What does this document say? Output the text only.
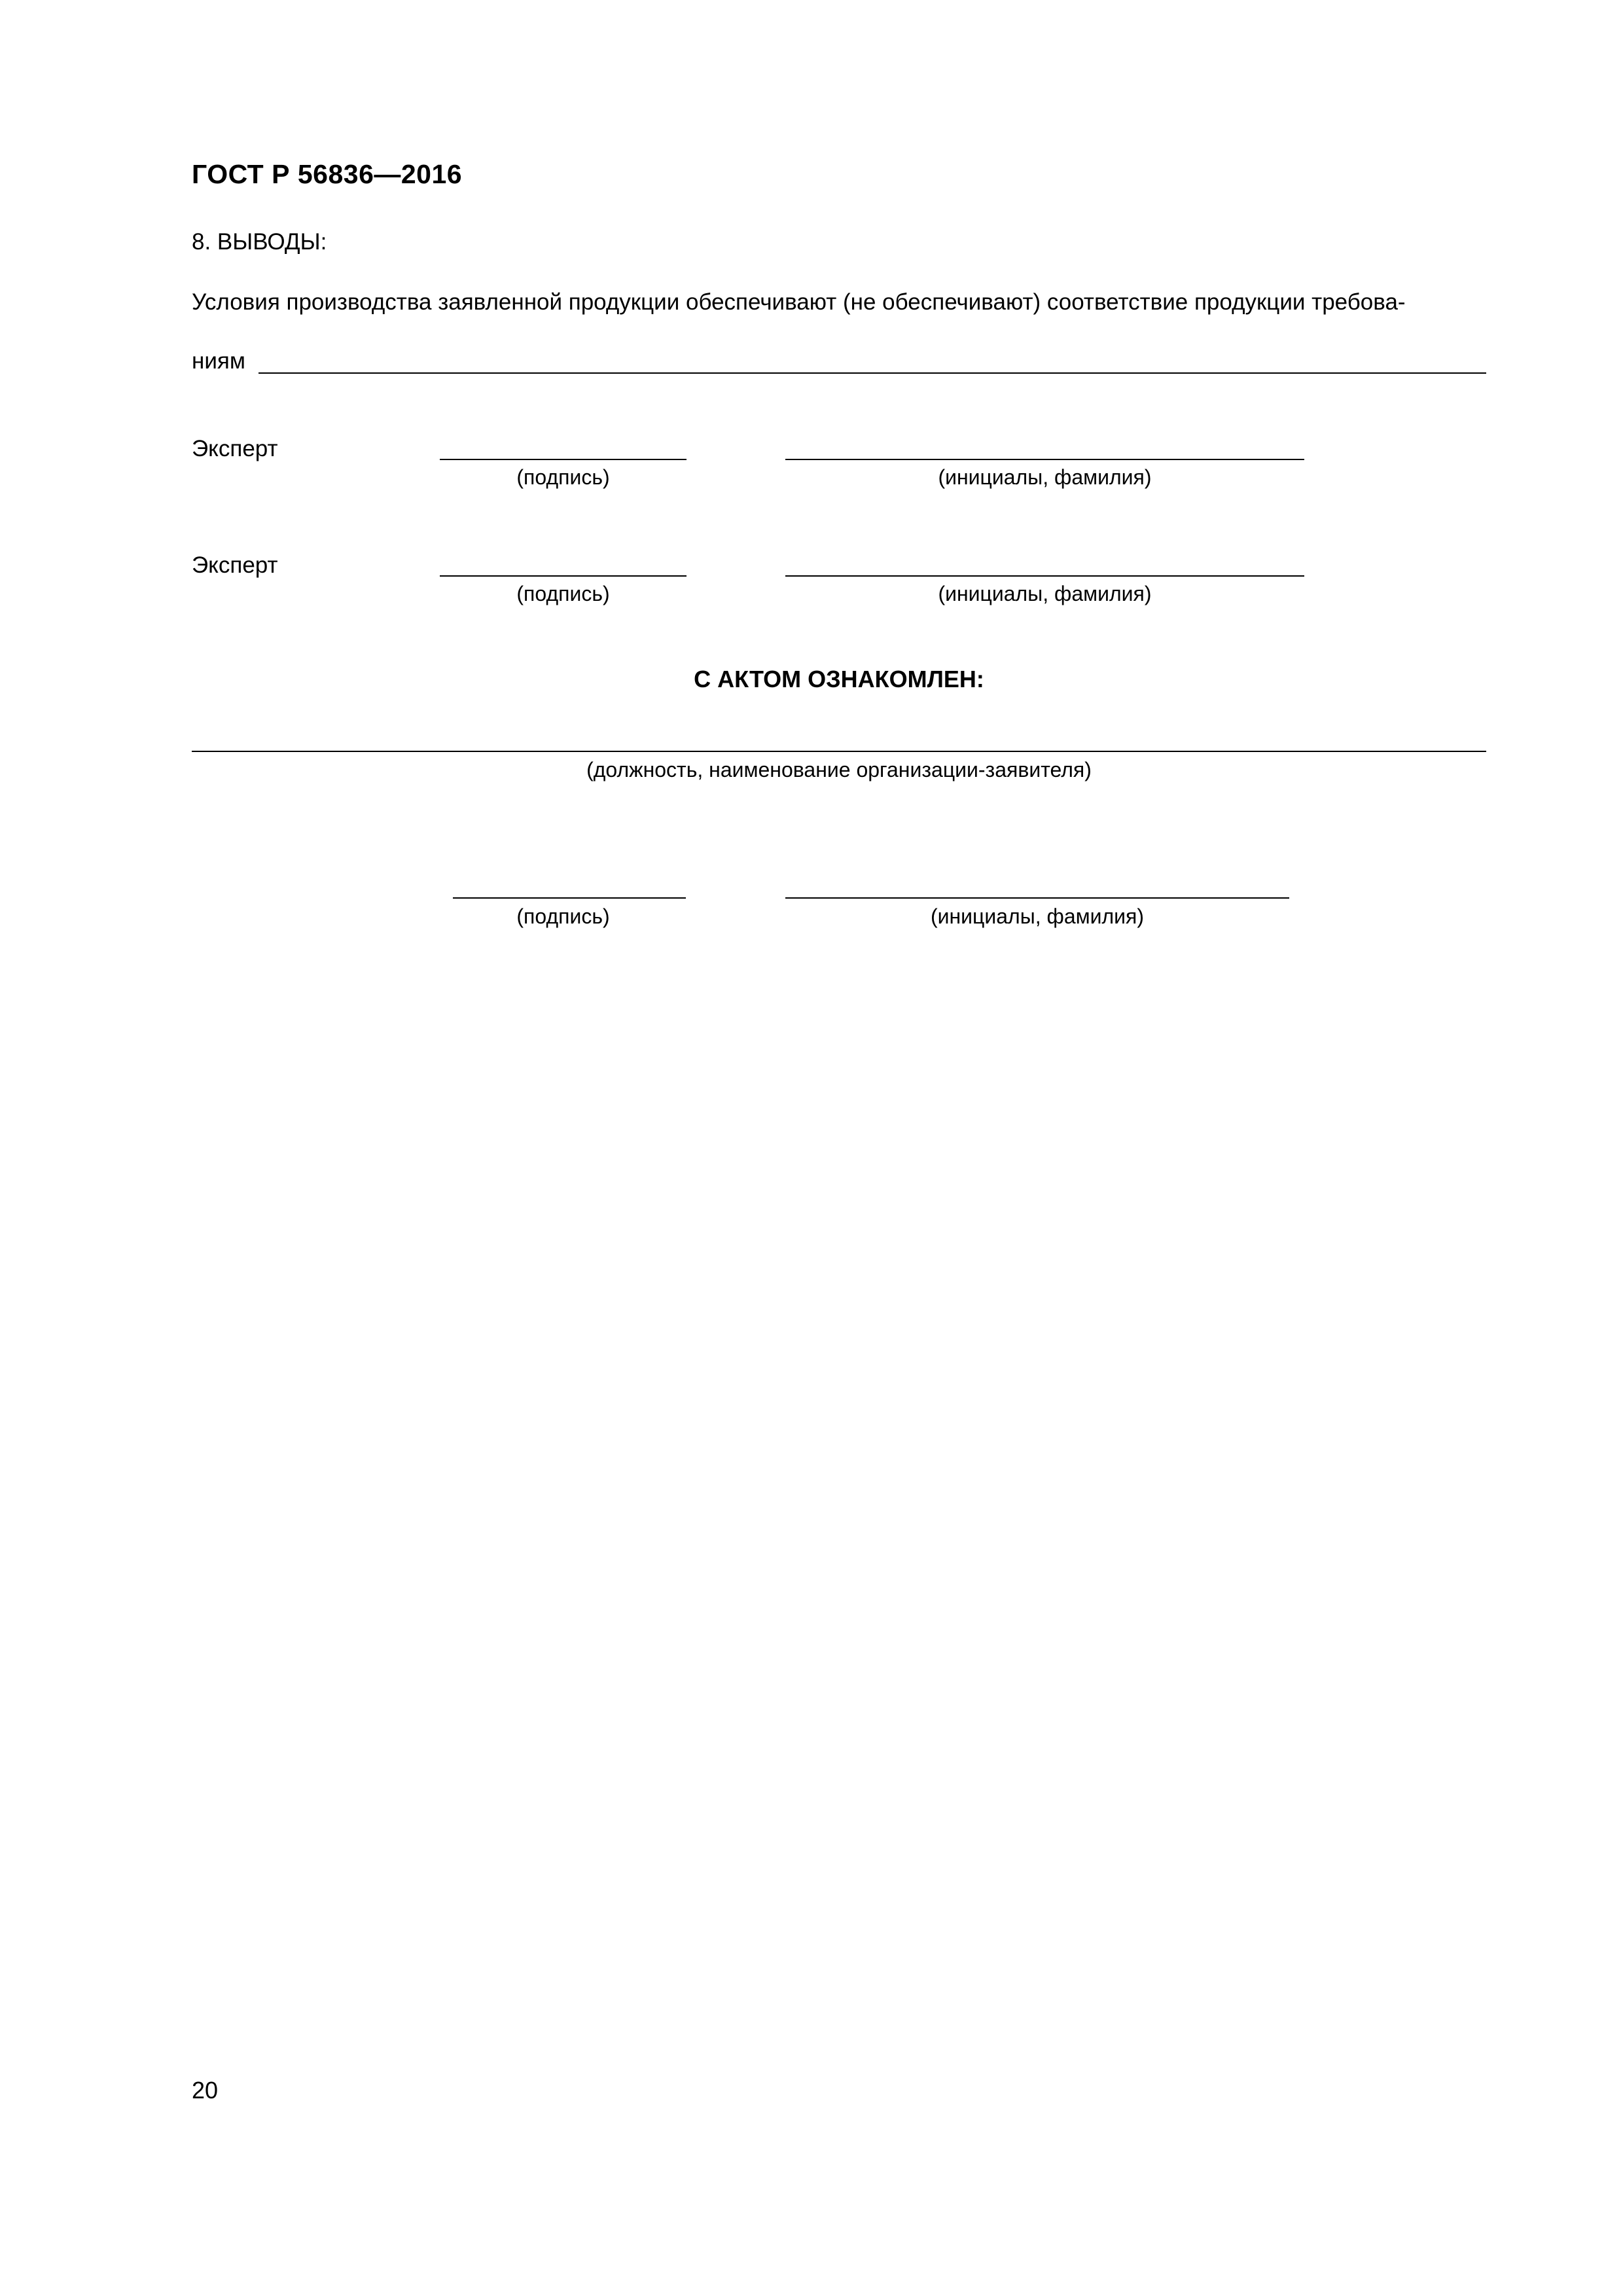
ГОСТ Р 56836—2016
8. ВЫВОДЫ:
Условия производства заявленной продукции обеспечивают (не обеспечивают) соответствие продукции требова-
ниям
Эксперт
(подпись)	(инициалы, фамилия)
Эксперт
(подпись)	(инициалы, фамилия)
С АКТОМ ОЗНАКОМЛЕН:
(должность, наименование организации-заявителя)
(подпись)	(инициалы, фамилия)
20
